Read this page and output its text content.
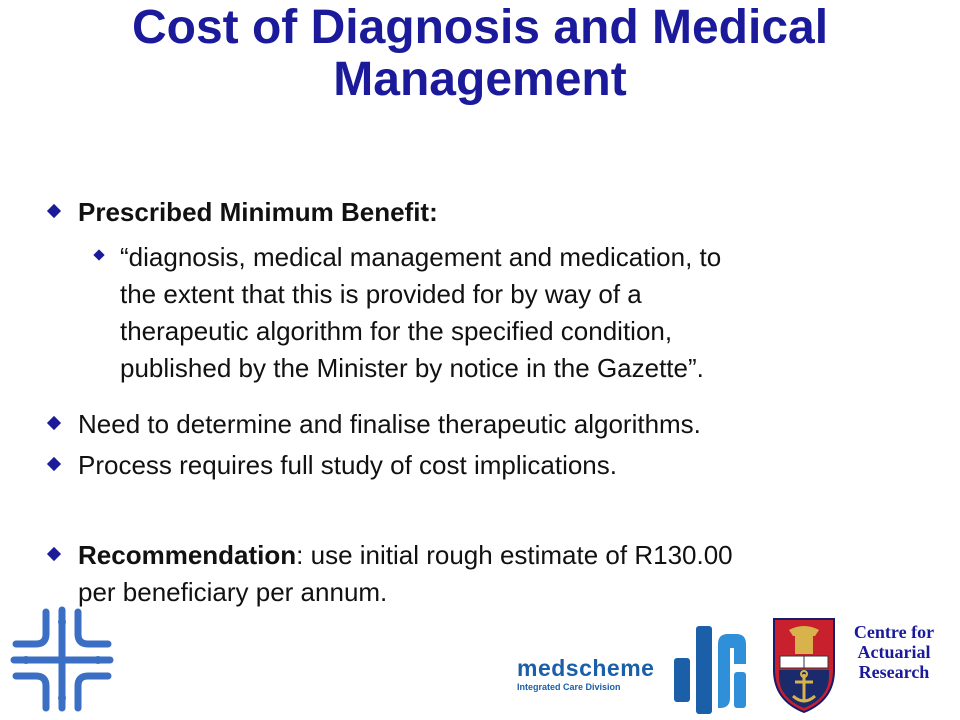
Cost of Diagnosis and Medical
Management
Prescribed Minimum Benefit:
“diagnosis, medical management and medication, to
the extent that this is provided for by way of a
therapeutic algorithm for the specified condition,
published by the Minister by notice in the Gazette”.
Need to determine and finalise therapeutic algorithms.
Process requires full study of cost implications.
Recommendation: use initial rough estimate of R130.00
per beneficiary per annum.
medscheme
Integrated Care Division
Centre for
Actuarial
Research
